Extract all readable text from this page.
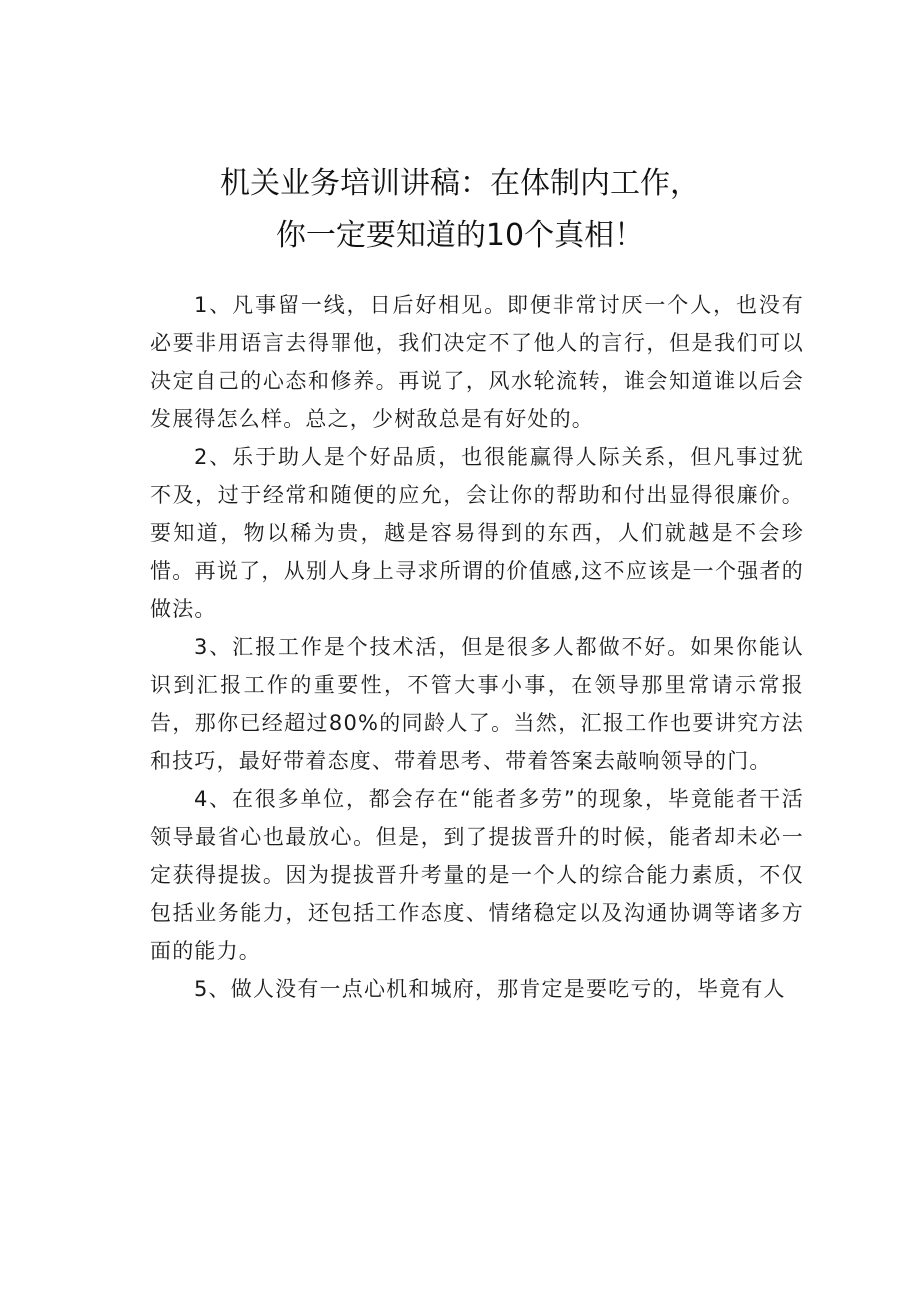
机关业务培训讲稿：在体制内工作，
你一定要知道的10个真相！

1、凡事留一线，日后好相见。即便非常讨厌一个人，也没有必要非用语言去得罪他，我们决定不了他人的言行，但是我们可以决定自己的心态和修养。再说了，风水轮流转，谁会知道谁以后会发展得怎么样。总之，少树敌总是有好处的。

2、乐于助人是个好品质，也很能赢得人际关系，但凡事过犹不及，过于经常和随便的应允，会让你的帮助和付出显得很廉价。要知道，物以稀为贵，越是容易得到的东西，人们就越是不会珍惜。再说了，从别人身上寻求所谓的价值感,这不应该是一个强者的做法。

3、汇报工作是个技术活，但是很多人都做不好。如果你能认识到汇报工作的重要性，不管大事小事，在领导那里常请示常报告，那你已经超过80%的同龄人了。当然，汇报工作也要讲究方法和技巧，最好带着态度、带着思考、带着答案去敲响领导的门。

4、在很多单位，都会存在“能者多劳”的现象，毕竟能者干活领导最省心也最放心。但是，到了提拔晋升的时候，能者却未必一定获得提拔。因为提拔晋升考量的是一个人的综合能力素质，不仅包括业务能力，还包括工作态度、情绪稳定以及沟通协调等诸多方面的能力。

5、做人没有一点心机和城府，那肯定是要吃亏的，毕竟有人
